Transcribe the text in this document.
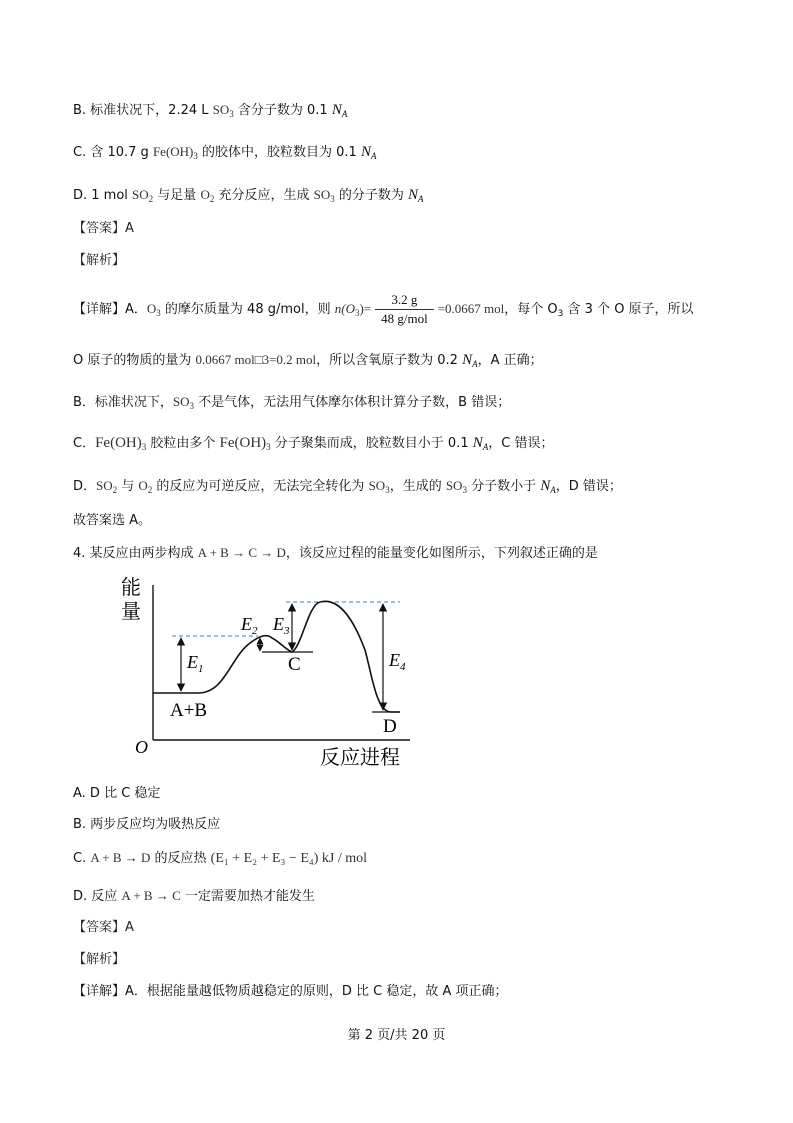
B. 标准状况下，2.24 L $SO_3$ 含分子数为 0.1 $N_A$
C. 含 10.7 g $Fe(OH)_3$ 的胶体中，胶粒数目为 0.1 $N_A$
D. 1 mol $SO_2$ 与足量 $O_2$ 充分反应，生成 $SO_3$ 的分子数为 $N_A$
【答案】A
【解析】
【详解】A．$O_3$ 的摩尔质量为 48 g/mol，则 $n(O_3)= \frac{3.2 g}{\text{48 g/mol}} =0.0667$ mol，每个 $O_3$ 含 3 个 O 原子，所以
O 原子的物质的量为 0.0667 mol□3=0.2 mol，所以含氧原子数为 0.2 $N_A$，A 正确；
B．标准状况下，$SO_3$ 不是气体，无法用气体摩尔体积计算分子数，B 错误；
C．$Fe(OH)_3$ 胶粒由多个 $Fe(OH)_3$ 分子聚集而成，胶粒数目小于 0.1 $N_A$，C 错误；
D．$SO_2$ 与 $O_2$ 的反应为可逆反应，无法完全转化为 $SO_3$，生成的 $SO_3$ 分子数小于 $N_A$，D 错误；
故答案选 A。
4. 某反应由两步构成 A + B → C → D，该反应过程的能量变化如图所示，下列叙述正确的是
能
量
O	反应进程
$E_1$
$E_2$ $E_3$
$E_4$
A+B
C
D
A. D 比 C 稳定
B. 两步反应均为吸热反应
C. A + B → D 的反应热 (E₁ + E₂ + E₃ − E₄) kJ / mol
D. 反应 A + B → C 一定需要加热才能发生
【答案】A
【解析】
【详解】A．根据能量越低物质越稳定的原则，D 比 C 稳定，故 A 项正确；
第 2 页/共 20 页
